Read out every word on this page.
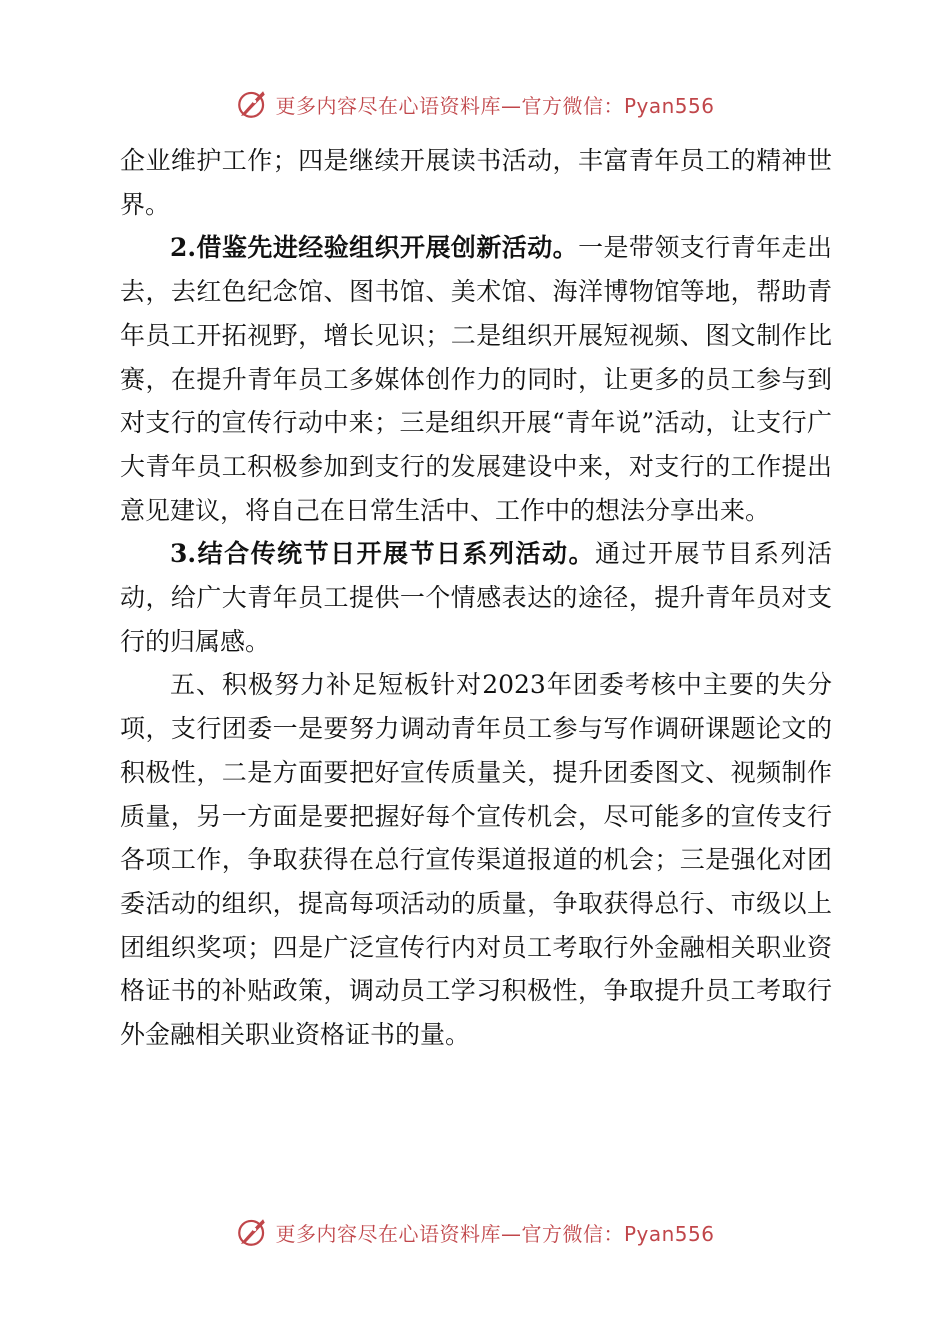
更多内容尽在心语资料库—官方微信：Pyan556

企业维护工作；四是继续开展读书活动，丰富青年员工的精神世界。

2.借鉴先进经验组织开展创新活动。一是带领支行青年走出去，去红色纪念馆、图书馆、美术馆、海洋博物馆等地，帮助青年员工开拓视野，增长见识；二是组织开展短视频、图文制作比赛，在提升青年员工多媒体创作力的同时，让更多的员工参与到对支行的宣传行动中来；三是组织开展“青年说”活动，让支行广大青年员工积极参加到支行的发展建设中来，对支行的工作提出意见建议，将自己在日常生活中、工作中的想法分享出来。

3.结合传统节日开展节日系列活动。通过开展节目系列活动，给广大青年员工提供一个情感表达的途径，提升青年员对支行的归属感。

五、积极努力补足短板针对2023年团委考核中主要的失分项，支行团委一是要努力调动青年员工参与写作调研课题论文的积极性，二是方面要把好宣传质量关，提升团委图文、视频制作质量，另一方面是要把握好每个宣传机会，尽可能多的宣传支行各项工作，争取获得在总行宣传渠道报道的机会；三是强化对团委活动的组织，提高每项活动的质量，争取获得总行、市级以上团组织奖项；四是广泛宣传行内对员工考取行外金融相关职业资格证书的补贴政策，调动员工学习积极性，争取提升员工考取行外金融相关职业资格证书的量。

更多内容尽在心语资料库—官方微信：Pyan556
